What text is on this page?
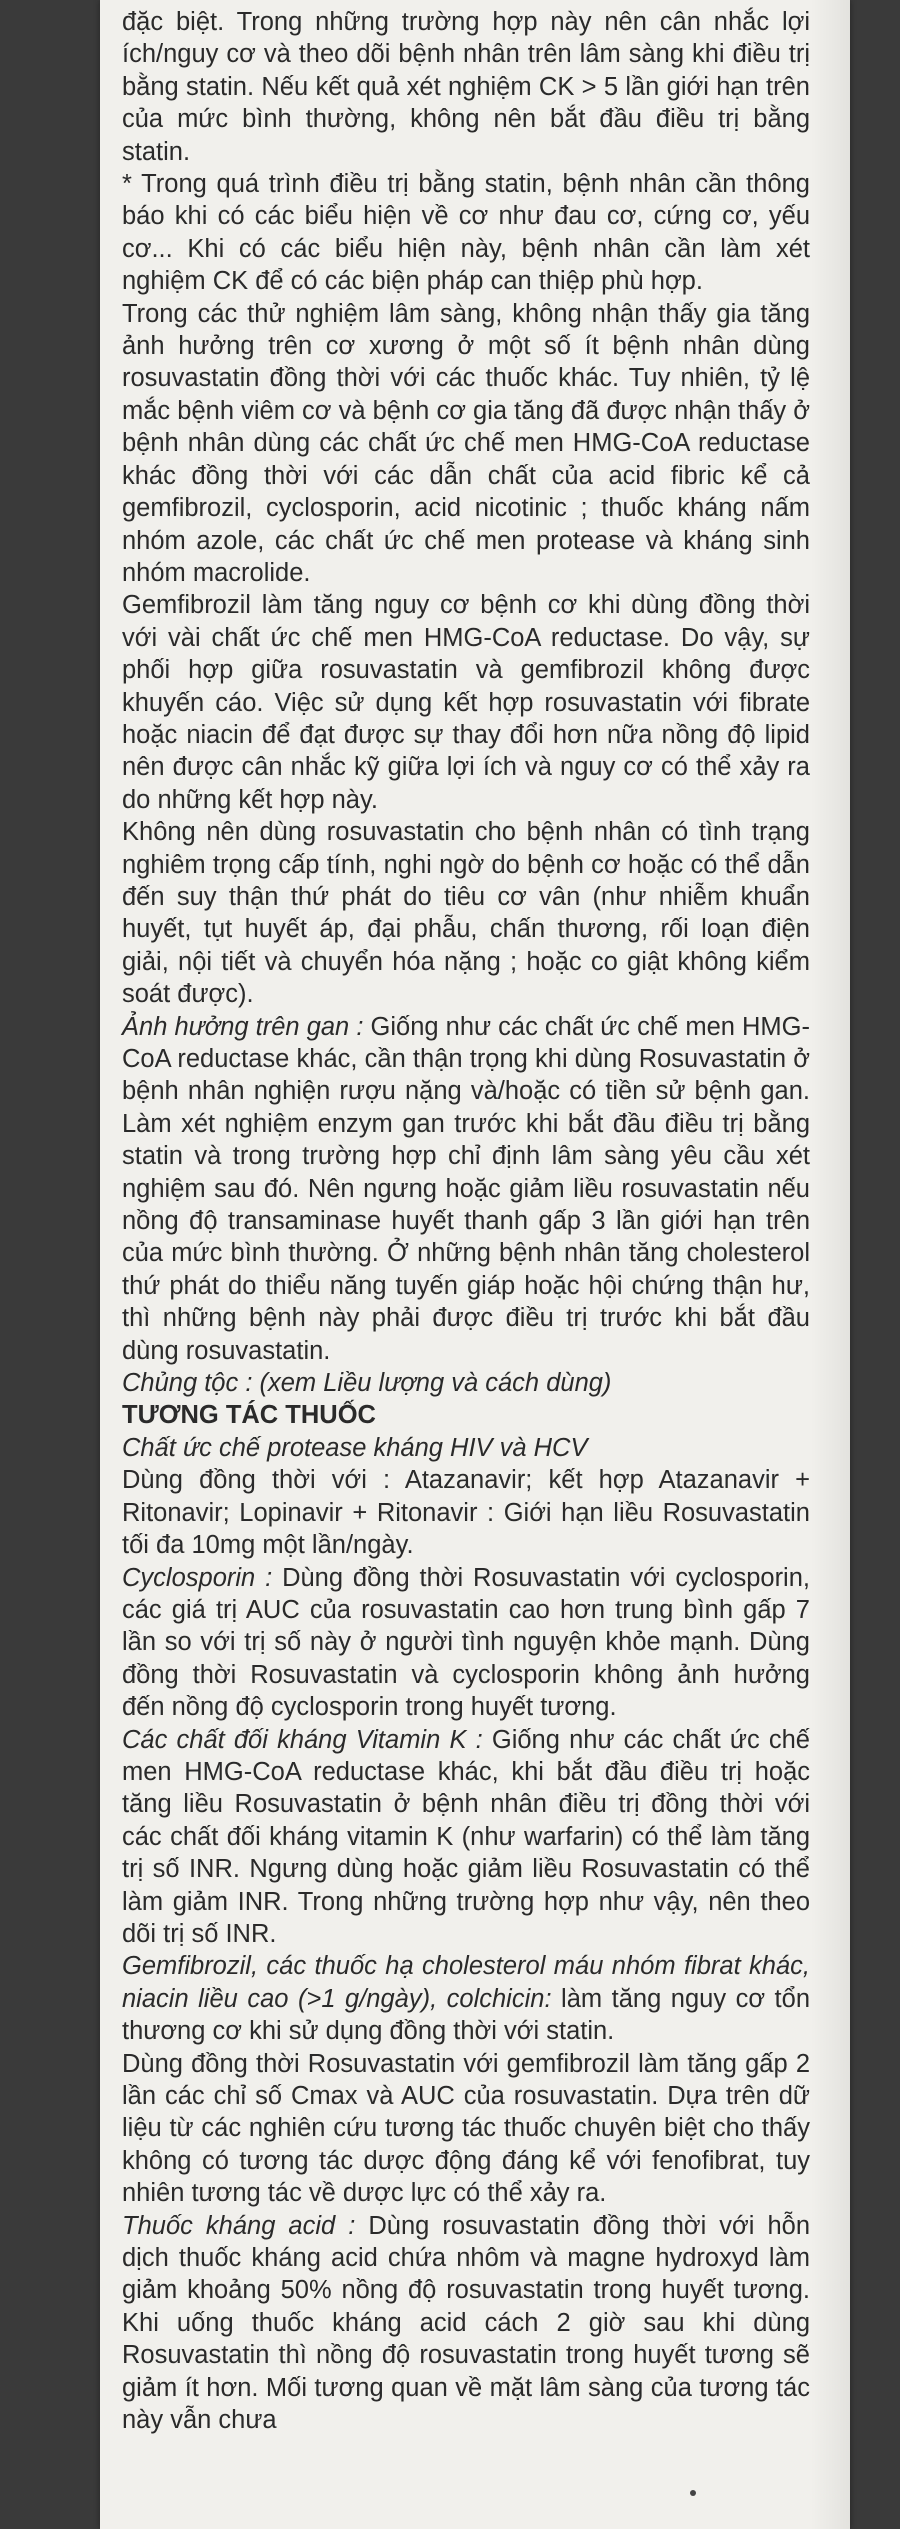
đặc biệt. Trong những trường hợp này nên cân nhắc lợi ích/nguy cơ và theo dõi bệnh nhân trên lâm sàng khi điều trị bằng statin. Nếu kết quả xét nghiệm CK > 5 lần giới hạn trên của mức bình thường, không nên bắt đầu điều trị bằng statin.

* Trong quá trình điều trị bằng statin, bệnh nhân cần thông báo khi có các biểu hiện về cơ như đau cơ, cứng cơ, yếu cơ... Khi có các biểu hiện này, bệnh nhân cần làm xét nghiệm CK để có các biện pháp can thiệp phù hợp.

Trong các thử nghiệm lâm sàng, không nhận thấy gia tăng ảnh hưởng trên cơ xương ở một số ít bệnh nhân dùng rosuvastatin đồng thời với các thuốc khác. Tuy nhiên, tỷ lệ mắc bệnh viêm cơ và bệnh cơ gia tăng đã được nhận thấy ở bệnh nhân dùng các chất ức chế men HMG-CoA reductase khác đồng thời với các dẫn chất của acid fibric kể cả gemfibrozil, cyclosporin, acid nicotinic ; thuốc kháng nấm nhóm azole, các chất ức chế men protease và kháng sinh nhóm macrolide.

Gemfibrozil làm tăng nguy cơ bệnh cơ khi dùng đồng thời với vài chất ức chế men HMG-CoA reductase. Do vậy, sự phối hợp giữa rosuvastatin và gemfibrozil không được khuyến cáo. Việc sử dụng kết hợp rosuvastatin với fibrate hoặc niacin để đạt được sự thay đổi hơn nữa nồng độ lipid nên được cân nhắc kỹ giữa lợi ích và nguy cơ có thể xảy ra do những kết hợp này.

Không nên dùng rosuvastatin cho bệnh nhân có tình trạng nghiêm trọng cấp tính, nghi ngờ do bệnh cơ hoặc có thể dẫn đến suy thận thứ phát do tiêu cơ vân (như nhiễm khuẩn huyết, tụt huyết áp, đại phẫu, chấn thương, rối loạn điện giải, nội tiết và chuyển hóa nặng ; hoặc co giật không kiểm soát được).

Ảnh hưởng trên gan : Giống như các chất ức chế men HMG-CoA reductase khác, cần thận trọng khi dùng Rosuvastatin ở bệnh nhân nghiện rượu nặng và/hoặc có tiền sử bệnh gan. Làm xét nghiệm enzym gan trước khi bắt đầu điều trị bằng statin và trong trường hợp chỉ định lâm sàng yêu cầu xét nghiệm sau đó. Nên ngưng hoặc giảm liều rosuvastatin nếu nồng độ transaminase huyết thanh gấp 3 lần giới hạn trên của mức bình thường. Ở những bệnh nhân tăng cholesterol thứ phát do thiểu năng tuyến giáp hoặc hội chứng thận hư, thì những bệnh này phải được điều trị trước khi bắt đầu dùng rosuvastatin.

Chủng tộc : (xem Liều lượng và cách dùng)

TƯƠNG TÁC THUỐC

Chất ức chế protease kháng HIV và HCV

Dùng đồng thời với : Atazanavir; kết hợp Atazanavir + Ritonavir; Lopinavir + Ritonavir : Giới hạn liều Rosuvastatin tối đa 10mg một lần/ngày.

Cyclosporin : Dùng đồng thời Rosuvastatin với cyclosporin, các giá trị AUC của rosuvastatin cao hơn trung bình gấp 7 lần so với trị số này ở người tình nguyện khỏe mạnh. Dùng đồng thời Rosuvastatin và cyclosporin không ảnh hưởng đến nồng độ cyclosporin trong huyết tương.

Các chất đối kháng Vitamin K : Giống như các chất ức chế men HMG-CoA reductase khác, khi bắt đầu điều trị hoặc tăng liều Rosuvastatin ở bệnh nhân điều trị đồng thời với các chất đối kháng vitamin K (như warfarin) có thể làm tăng trị số INR. Ngưng dùng hoặc giảm liều Rosuvastatin có thể làm giảm INR. Trong những trường hợp như vậy, nên theo dõi trị số INR.

Gemfibrozil, các thuốc hạ cholesterol máu nhóm fibrat khác, niacin liều cao (>1 g/ngày), colchicin: làm tăng nguy cơ tổn thương cơ khi sử dụng đồng thời với statin.

Dùng đồng thời Rosuvastatin với gemfibrozil làm tăng gấp 2 lần các chỉ số Cmax và AUC của rosuvastatin. Dựa trên dữ liệu từ các nghiên cứu tương tác thuốc chuyên biệt cho thấy không có tương tác dược động đáng kể với fenofibrat, tuy nhiên tương tác về dược lực có thể xảy ra.

Thuốc kháng acid : Dùng rosuvastatin đồng thời với hỗn dịch thuốc kháng acid chứa nhôm và magne hydroxyd làm giảm khoảng 50% nồng độ rosuvastatin trong huyết tương. Khi uống thuốc kháng acid cách 2 giờ sau khi dùng Rosuvastatin thì nồng độ rosuvastatin trong huyết tương sẽ giảm ít hơn. Mối tương quan về mặt lâm sàng của tương tác này vẫn chưa
